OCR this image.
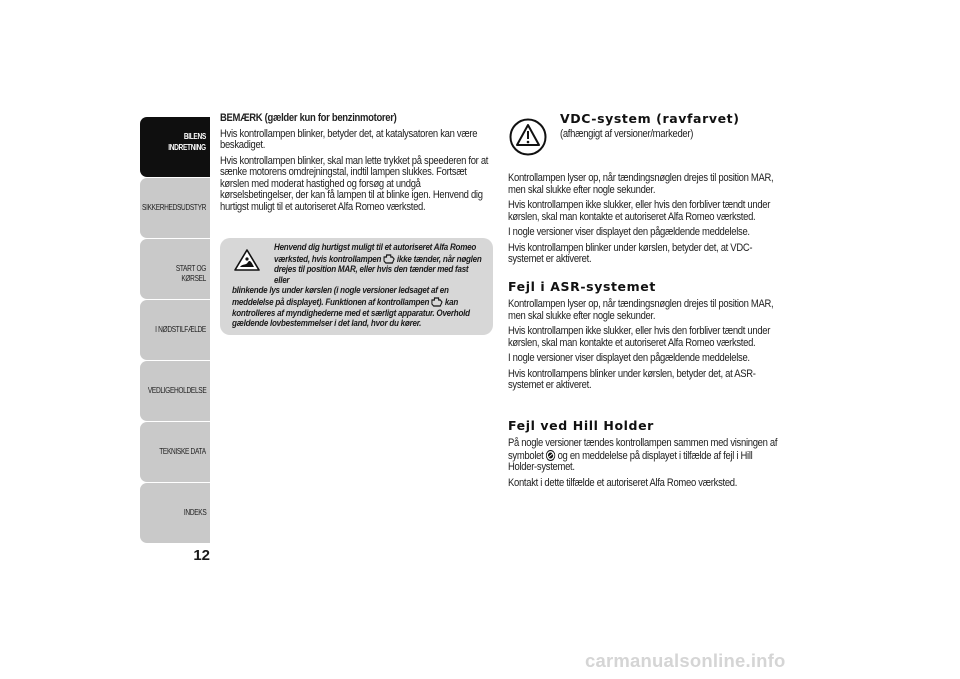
BILENS
INDRETNING
SIKKERHEDSUDSTYR
START OG KØRSEL
I NØDSTILFÆLDE
VEDLIGEHOLDELSE
TEKNISKE DATA
INDEKS
12

BEMÆRK (gælder kun for benzinmotorer)

Hvis kontrollampen blinker, betyder det, at katalysatoren kan være beskadiget.

Hvis kontrollampen blinker, skal man lette trykket på speederen for at sænke motorens omdrejningstal, indtil lampen slukkes. Fortsæt kørslen med moderat hastighed og forsøg at undgå kørselsbetingelser, der kan få lampen til at blinke igen. Henvend dig hurtigst muligt til et autoriseret Alfa Romeo værksted.

Henvend dig hurtigst muligt til et autoriseret Alfa Romeo
værksted, hvis kontrollampen ikke tænder, når nøglen
drejes til position MAR, eller hvis den tænder med fast eller
blinkende lys under kørslen (i nogle versioner ledsaget af en
meddelelse på displayet). Funktionen af kontrollampen kan
kontrolleres af myndighederne med et særligt apparatur. Overhold
gældende lovbestemmelser i det land, hvor du kører.
VDC-system (ravfarvet)
(afhængigt af versioner/markeder)

Kontrollampen lyser op, når tændingsnøglen drejes til position MAR, men skal slukke efter nogle sekunder.

Hvis kontrollampen ikke slukker, eller hvis den forbliver tændt under kørslen, skal man kontakte et autoriseret Alfa Romeo værksted.

I nogle versioner viser displayet den pågældende meddelelse.

Hvis kontrollampen blinker under kørslen, betyder det, at VDC-systemet er aktiveret.

Fejl i ASR-systemet

Kontrollampen lyser op, når tændingsnøglen drejes til position MAR, men skal slukke efter nogle sekunder.

Hvis kontrollampen ikke slukker, eller hvis den forbliver tændt under kørslen, skal man kontakte et autoriseret Alfa Romeo værksted.

I nogle versioner viser displayet den pågældende meddelelse.

Hvis kontrollampens blinker under kørslen, betyder det, at ASR-systemet er aktiveret.

Fejl ved Hill Holder

På nogle versioner tændes kontrollampen sammen med visningen af symbolet og en meddelelse på displayet i tilfælde af fejl i Hill Holder-systemet.

Kontakt i dette tilfælde et autoriseret Alfa Romeo værksted.

carmanualsonline.info
